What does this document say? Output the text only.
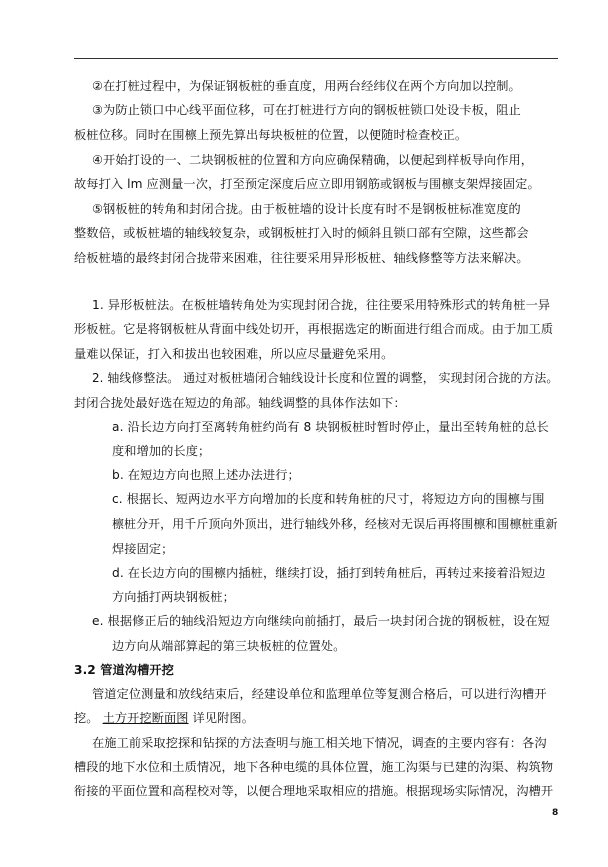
②在打桩过程中，为保证钢板桩的垂直度，用两台经纬仪在两个方向加以控制。
③为防止锁口中心线平面位移，可在打桩进行方向的钢板桩锁口处设卡板，阻止
板桩位移。同时在围檩上预先算出每块板桩的位置，以便随时检查校正。
④开始打设的一、二块钢板桩的位置和方向应确保精确，以便起到样板导向作用，
故每打入 lm 应测量一次，打至预定深度后应立即用钢筋或钢板与围檩支架焊接固定。
⑤钢板桩的转角和封闭合拢。由于板桩墙的设计长度有时不是钢板桩标准宽度的
整数倍，或板桩墙的轴线较复杂，或钢板桩打入时的倾斜且锁口部有空隙，这些都会
给板桩墙的最终封闭合拢带来困难，往往要采用异形板桩、轴线修整等方法来解决。
1. 异形板桩法。在板桩墙转角处为实现封闭合拢，往往要采用特殊形式的转角桩一异
形板桩。它是将钢板桩从背面中线处切开，再根据选定的断面进行组合而成。由于加工质
量难以保证，打入和拔出也较困难，所以应尽量避免采用。
2. 轴线修整法。 通过对板桩墙闭合轴线设计长度和位置的调整， 实现封闭合拢的方法。
封闭合拢处最好选在短边的角部。轴线调整的具体作法如下：
a. 沿长边方向打至离转角桩约尚有 8 块钢板桩时暂时停止，量出至转角桩的总长
度和增加的长度；
b. 在短边方向也照上述办法进行；
c. 根据长、短两边水平方向增加的长度和转角桩的尺寸，将短边方向的围檩与围
檩桩分开，用千斤顶向外顶出，进行轴线外移，经核对无误后再将围檩和围檩桩重新
焊接固定；
d. 在长边方向的围檩内插桩，继续打设，插打到转角桩后，再转过来接着沿短边
方向插打两块钢板桩；
e. 根据修正后的轴线沿短边方向继续向前插打，最后一块封闭合拢的钢板桩，设在短
边方向从端部算起的第三块板桩的位置处。
3.2 管道沟槽开挖
管道定位测量和放线结束后，经建设单位和监理单位等复测合格后，可以进行沟槽开
挖。 土方开挖断面图 详见附图。
在施工前采取挖探和钻探的方法查明与施工相关地下情况，调查的主要内容有：各沟
槽段的地下水位和土质情况，地下各种电缆的具体位置，施工沟渠与已建的沟渠、构筑物
衔接的平面位置和高程校对等，以便合理地采取相应的措施。根据现场实际情况，沟槽开
8
